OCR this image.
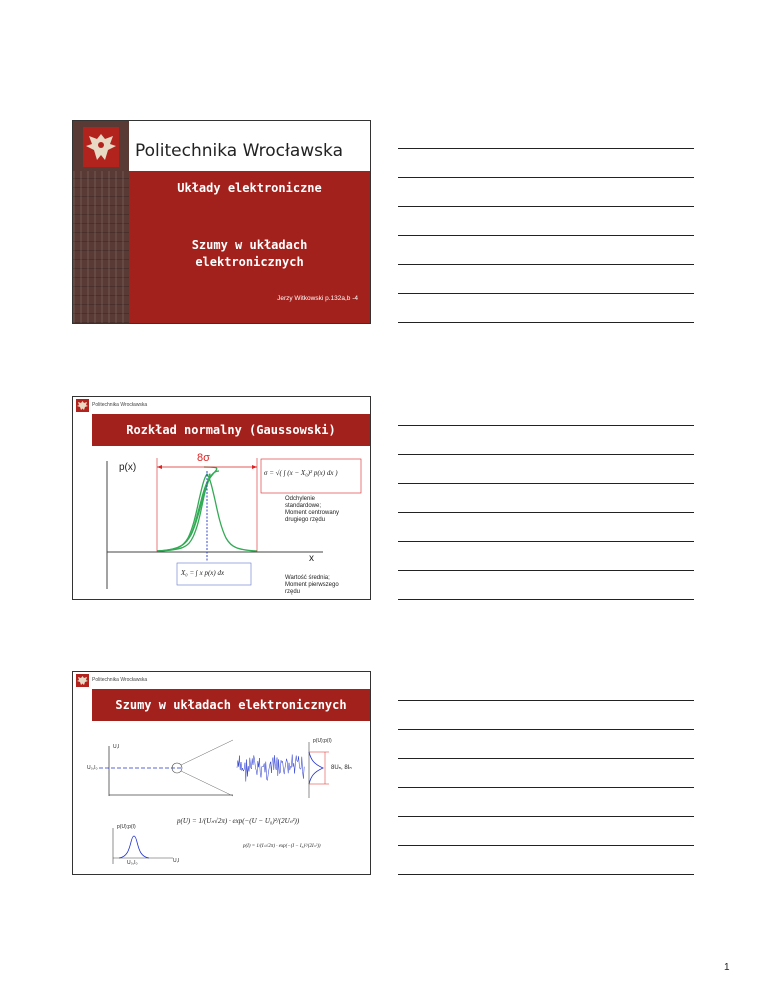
Politechnika Wrocławska
Układy elektroniczne
Szumy w układach
elektronicznych
Jerzy Witkowski p.132a,b -4
Politechnika Wrocławska
Rozkład normalny (Gaussowski)
p(x)
8σ
x
σ = √( ∫ (x − X₀)² p(x) dx )
Odchylenie
standardowe;
Moment centrowany
drugiego rzędu
X₀ = ∫ x p(x) dx
Wartość średnia;
Moment pierwszego
rzędu
Politechnika Wrocławska
Szumy w układach elektronicznych
U,I
U₀,I₀
p(U);p(I)
8Uₙ, 8Iₙ
p(U);p(I)
U₀,I₀	U,I
p(U) = 1/(Uₙ√2π) · exp(−(U − U₀)²/(2Uₙ²))
p(I) = 1/(Iₙ√2π) · exp(−(I − I₀)²/(2Iₙ²))
1
